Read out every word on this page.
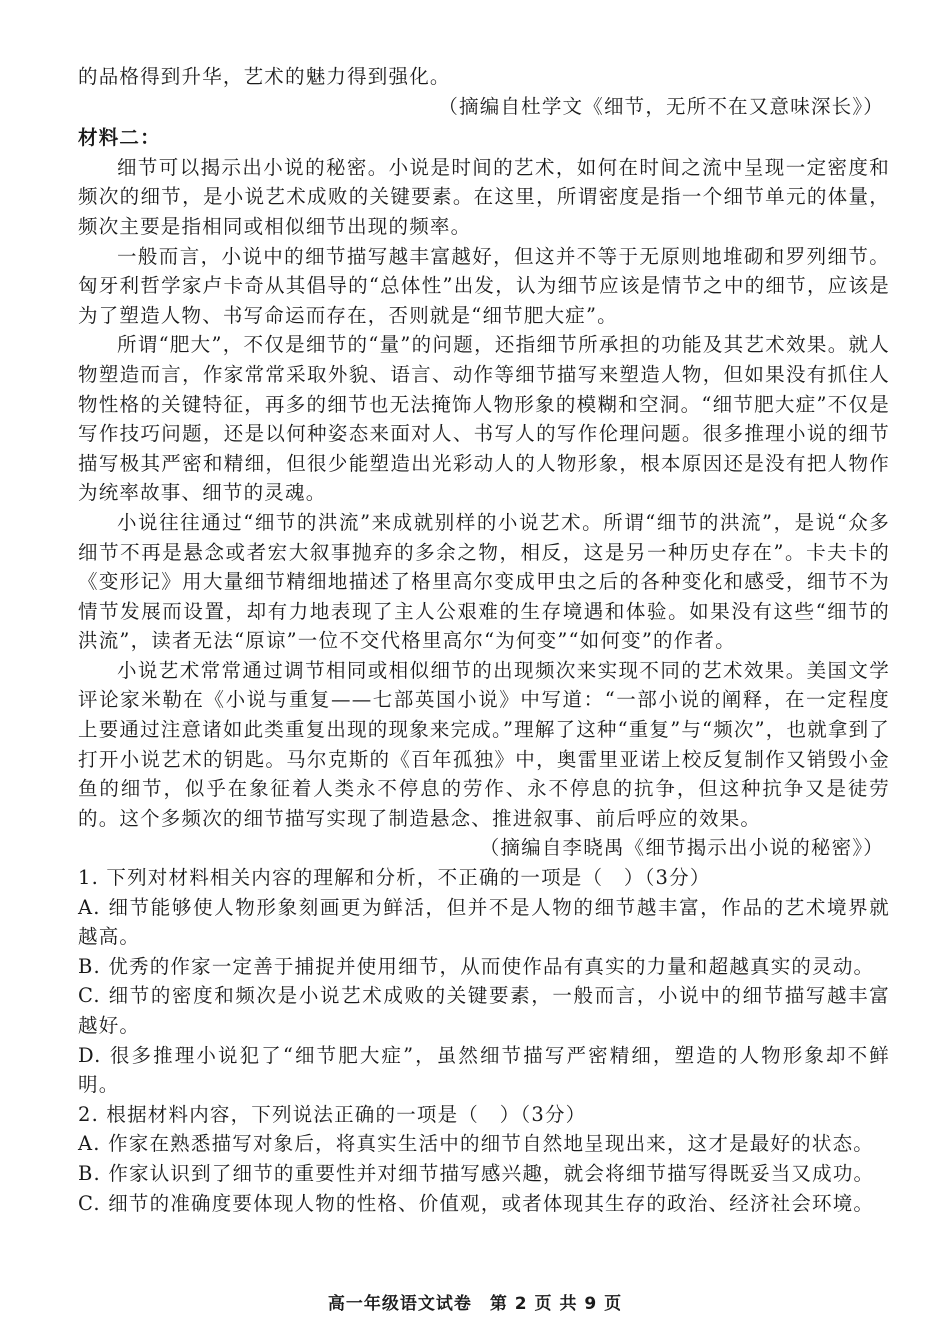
的品格得到升华，艺术的魅力得到强化。

（摘编自杜学文《细节，无所不在又意味深长》）
材料二：

细节可以揭示出小说的秘密。小说是时间的艺术，如何在时间之流中呈现一定密度和频次的细节，是小说艺术成败的关键要素。在这里，所谓密度是指一个细节单元的体量，频次主要是指相同或相似细节出现的频率。

一般而言，小说中的细节描写越丰富越好，但这并不等于无原则地堆砌和罗列细节。匈牙利哲学家卢卡奇从其倡导的“总体性”出发，认为细节应该是情节之中的细节，应该是为了塑造人物、书写命运而存在，否则就是“细节肥大症”。

所谓“肥大”，不仅是细节的“量”的问题，还指细节所承担的功能及其艺术效果。就人物塑造而言，作家常常采取外貌、语言、动作等细节描写来塑造人物，但如果没有抓住人物性格的关键特征，再多的细节也无法掩饰人物形象的模糊和空洞。“细节肥大症”不仅是写作技巧问题，还是以何种姿态来面对人、书写人的写作伦理问题。很多推理小说的细节描写极其严密和精细，但很少能塑造出光彩动人的人物形象，根本原因还是没有把人物作为统率故事、细节的灵魂。

小说往往通过“细节的洪流”来成就别样的小说艺术。所谓“细节的洪流”，是说“众多细节不再是悬念或者宏大叙事抛弃的多余之物，相反，这是另一种历史存在”。卡夫卡的《变形记》用大量细节精细地描述了格里高尔变成甲虫之后的各种变化和感受，细节不为情节发展而设置，却有力地表现了主人公艰难的生存境遇和体验。如果没有这些“细节的洪流”，读者无法“原谅”一位不交代格里高尔“为何变”“如何变”的作者。

小说艺术常常通过调节相同或相似细节的出现频次来实现不同的艺术效果。美国文学评论家米勒在《小说与重复——七部英国小说》中写道：“一部小说的阐释，在一定程度上要通过注意诸如此类重复出现的现象来完成。”理解了这种“重复”与“频次”，也就拿到了打开小说艺术的钥匙。马尔克斯的《百年孤独》中，奥雷里亚诺上校反复制作又销毁小金鱼的细节，似乎在象征着人类永不停息的劳作、永不停息的抗争，但这种抗争又是徒劳的。这个多频次的细节描写实现了制造悬念、推进叙事、前后呼应的效果。

（摘编自李晓禺《细节揭示出小说的秘密》）

1. 下列对材料相关内容的理解和分析，不正确的一项是（　）（3分）

A. 细节能够使人物形象刻画更为鲜活，但并不是人物的细节越丰富，作品的艺术境界就越高。

B. 优秀的作家一定善于捕捉并使用细节，从而使作品有真实的力量和超越真实的灵动。

C. 细节的密度和频次是小说艺术成败的关键要素，一般而言，小说中的细节描写越丰富越好。

D. 很多推理小说犯了“细节肥大症”，虽然细节描写严密精细，塑造的人物形象却不鲜明。

2. 根据材料内容，下列说法正确的一项是（　）（3分）

A. 作家在熟悉描写对象后，将真实生活中的细节自然地呈现出来，这才是最好的状态。

B. 作家认识到了细节的重要性并对细节描写感兴趣，就会将细节描写得既妥当又成功。

C. 细节的准确度要体现人物的性格、价值观，或者体现其生存的政治、经济社会环境。

高一年级语文试卷　第 2 页 共 9 页
